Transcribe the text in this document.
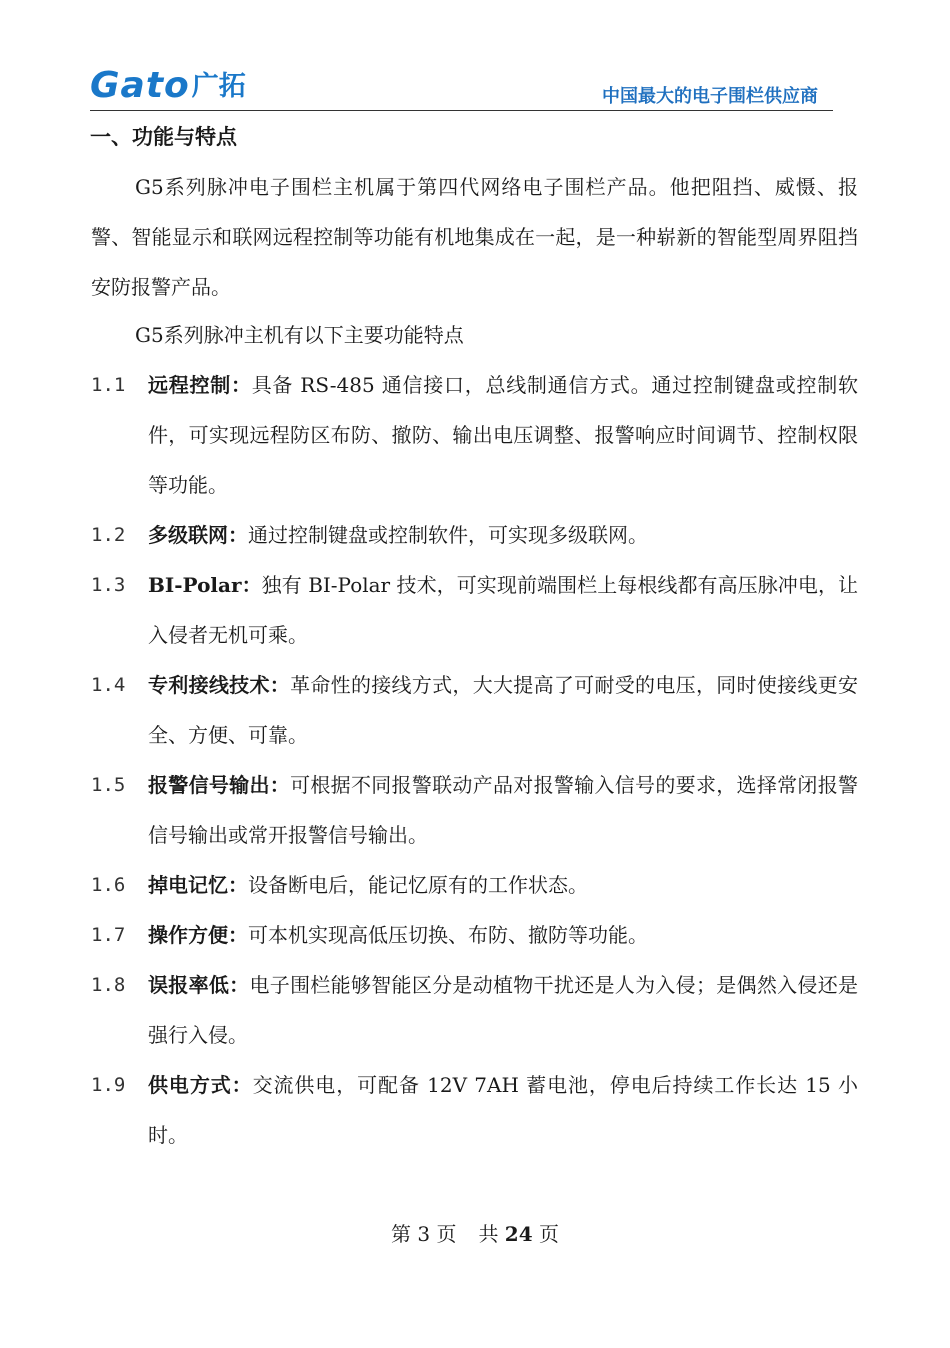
Gato 广拓	中国最大的电子围栏供应商
一、功能与特点
G5系列脉冲电子围栏主机属于第四代网络电子围栏产品。他把阻挡、威慑、报警、智能显示和联网远程控制等功能有机地集成在一起，是一种崭新的智能型周界阻挡安防报警产品。
G5系列脉冲主机有以下主要功能特点
1.1	远程控制：具备 RS-485 通信接口，总线制通信方式。通过控制键盘或控制软件，可实现远程防区布防、撤防、输出电压调整、报警响应时间调节、控制权限等功能。
1.2	多级联网：通过控制键盘或控制软件，可实现多级联网。
1.3	BI-Polar：独有 BI-Polar 技术，可实现前端围栏上每根线都有高压脉冲电，让入侵者无机可乘。
1.4	专利接线技术：革命性的接线方式，大大提高了可耐受的电压，同时使接线更安全、方便、可靠。
1.5	报警信号输出：可根据不同报警联动产品对报警输入信号的要求，选择常闭报警信号输出或常开报警信号输出。
1.6	掉电记忆：设备断电后，能记忆原有的工作状态。
1.7	操作方便：可本机实现高低压切换、布防、撤防等功能。
1.8	误报率低：电子围栏能够智能区分是动植物干扰还是人为入侵；是偶然入侵还是强行入侵。
1.9	供电方式：交流供电，可配备 12V 7AH 蓄电池，停电后持续工作长达 15 小时。
第 3 页 共 24 页
